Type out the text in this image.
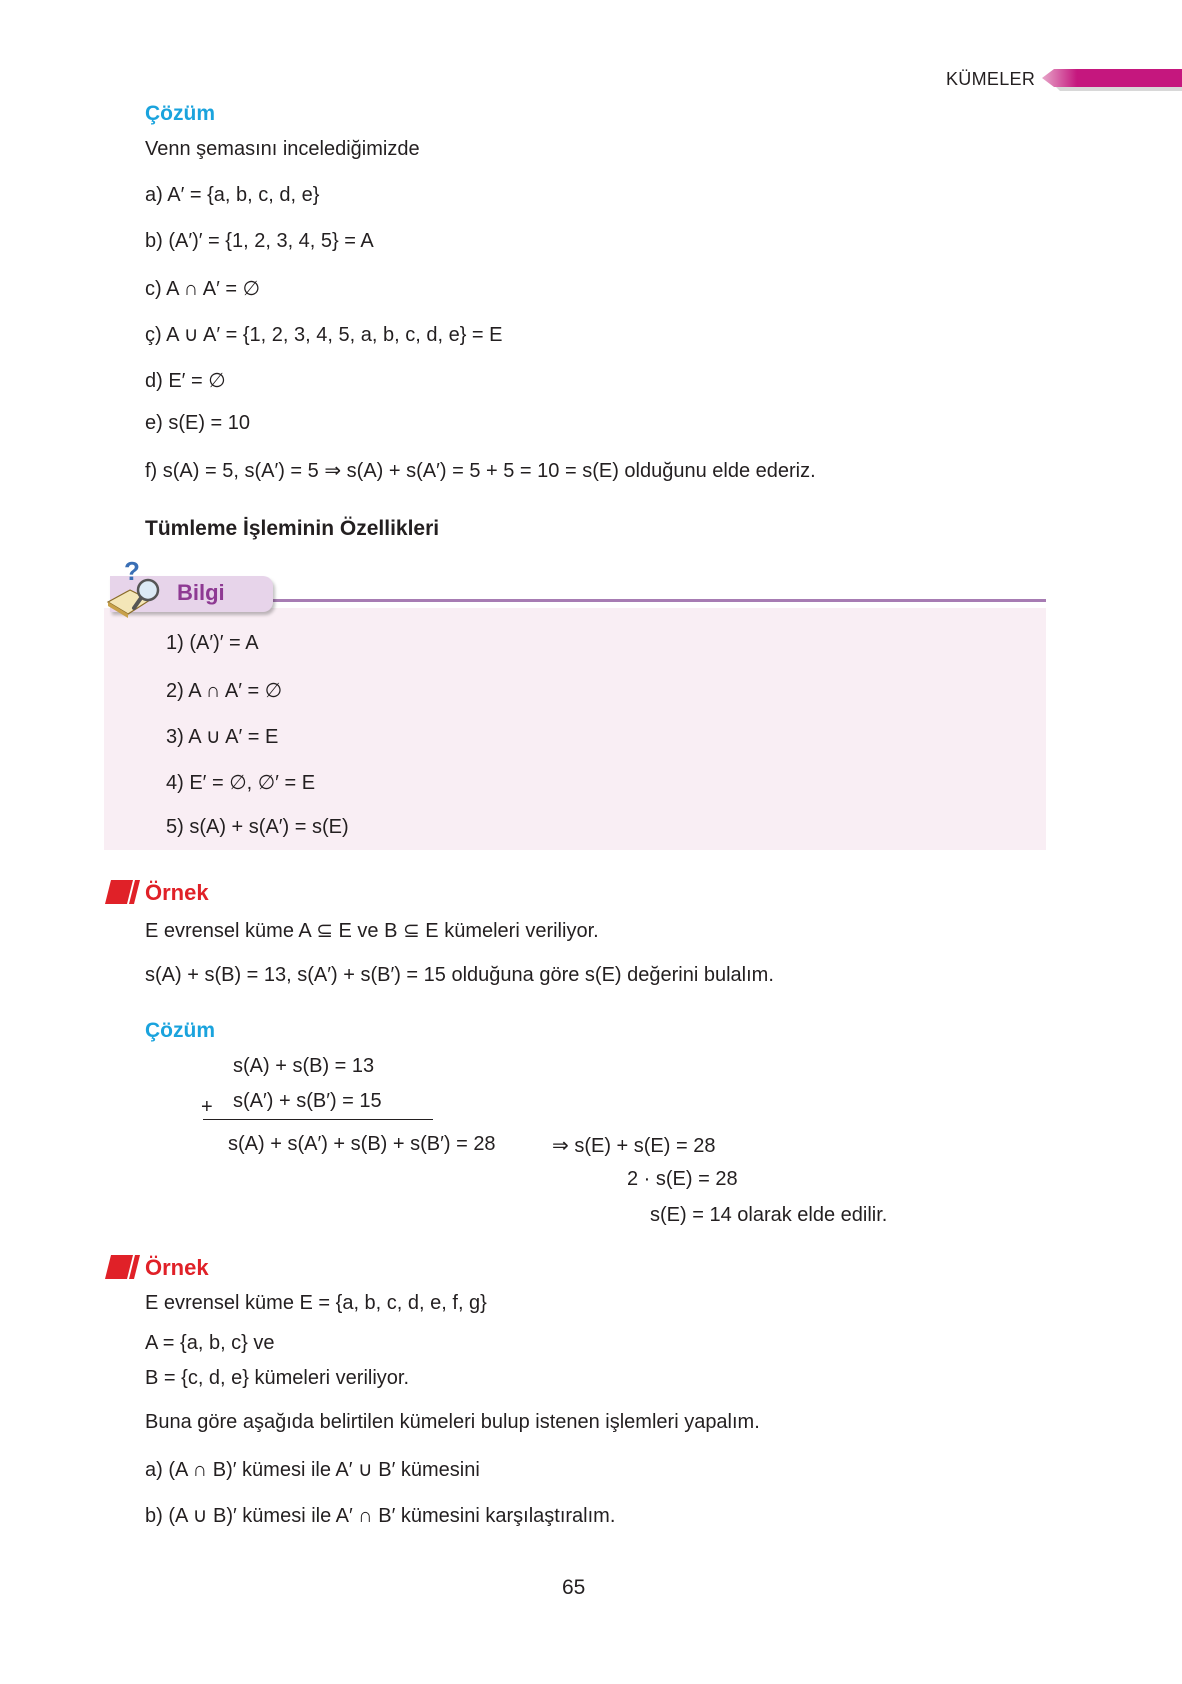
KÜMELER
Çözüm
Venn şemasını incelediğimizde
a) A′ = {a, b, c, d, e}
b) (A′)′ = {1, 2, 3, 4, 5} = A
c) A ∩ A′ = ∅
ç) A ∪ A′ = {1, 2, 3, 4, 5, a, b, c, d, e} = E
d) E′ = ∅
e) s(E) = 10
f) s(A) = 5, s(A′) = 5 ⇒ s(A) + s(A′) = 5 + 5 = 10 = s(E) olduğunu elde ederiz.
Tümleme İşleminin Özellikleri
?
Bilgi
1) (A′)′ = A
2) A ∩ A′ = ∅
3) A ∪ A′ = E
4) E′ = ∅, ∅′ = E
5) s(A) + s(A′) = s(E)
Örnek
E evrensel küme A ⊆ E ve B ⊆ E kümeleri veriliyor.
s(A) + s(B) = 13, s(A′) + s(B′) = 15 olduğuna göre s(E) değerini bulalım.
Çözüm
s(A) + s(B) = 13
+ s(A′) + s(B′) = 15
s(A) + s(A′) + s(B) + s(B′) = 28	⇒ s(E) + s(E) = 28
2 · s(E) = 28
s(E) = 14 olarak elde edilir.
Örnek
E evrensel küme E = {a, b, c, d, e, f, g}
A = {a, b, c} ve
B = {c, d, e} kümeleri veriliyor.
Buna göre aşağıda belirtilen kümeleri bulup istenen işlemleri yapalım.
a) (A ∩ B)′ kümesi ile A′ ∪ B′ kümesini
b) (A ∪ B)′ kümesi ile A′ ∩ B′ kümesini karşılaştıralım.
65
